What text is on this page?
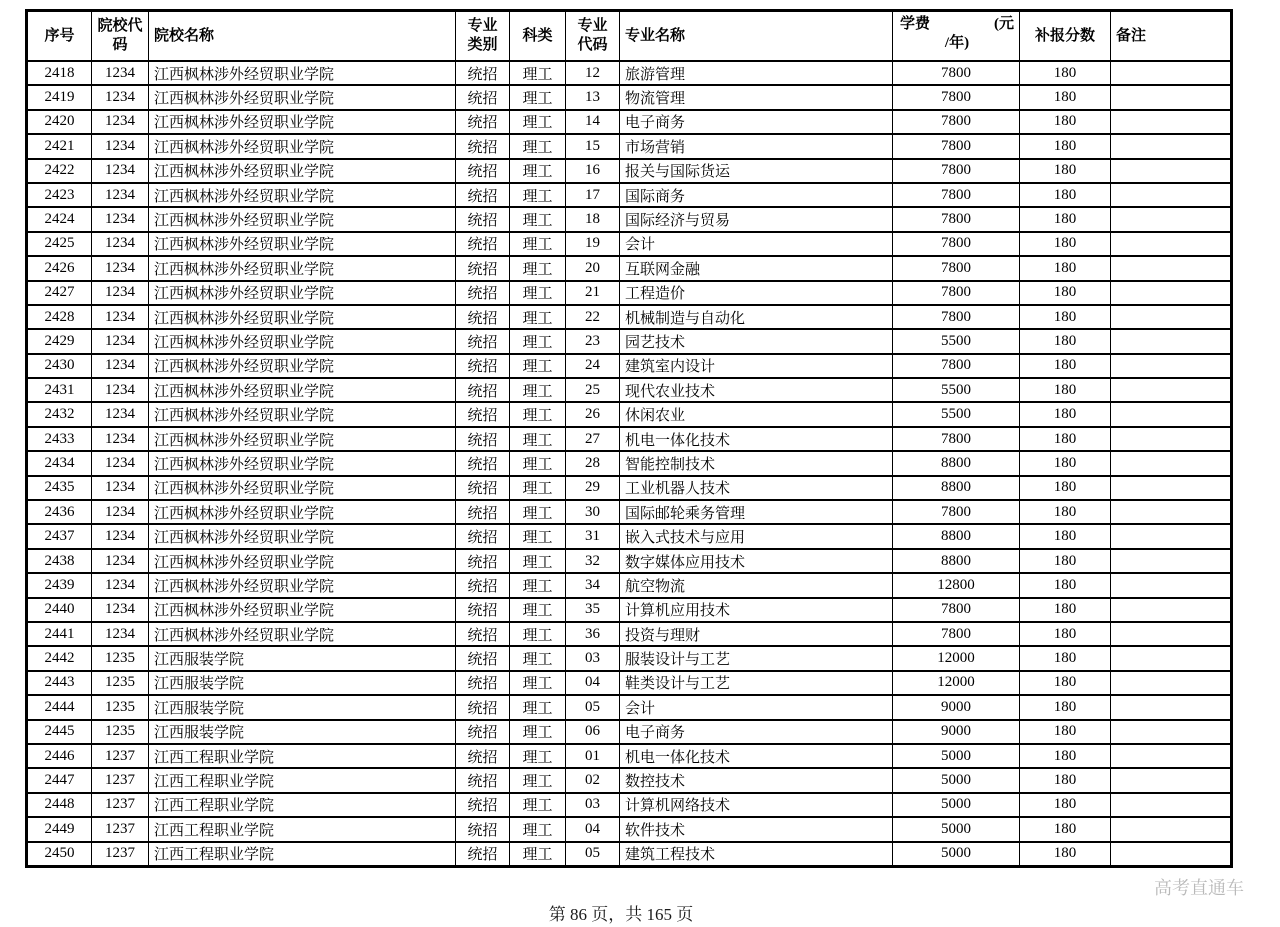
序号	院校代码	院校名称	专业类别	科类	专业代码	专业名称	学费 (元
/年)	补报分数	备注
2418	1234	江西枫林涉外经贸职业学院	统招	理工	12	旅游管理	7800	180	
2419	1234	江西枫林涉外经贸职业学院	统招	理工	13	物流管理	7800	180	
2420	1234	江西枫林涉外经贸职业学院	统招	理工	14	电子商务	7800	180	
2421	1234	江西枫林涉外经贸职业学院	统招	理工	15	市场营销	7800	180	
2422	1234	江西枫林涉外经贸职业学院	统招	理工	16	报关与国际货运	7800	180	
2423	1234	江西枫林涉外经贸职业学院	统招	理工	17	国际商务	7800	180	
2424	1234	江西枫林涉外经贸职业学院	统招	理工	18	国际经济与贸易	7800	180	
2425	1234	江西枫林涉外经贸职业学院	统招	理工	19	会计	7800	180	
2426	1234	江西枫林涉外经贸职业学院	统招	理工	20	互联网金融	7800	180	
2427	1234	江西枫林涉外经贸职业学院	统招	理工	21	工程造价	7800	180	
2428	1234	江西枫林涉外经贸职业学院	统招	理工	22	机械制造与自动化	7800	180	
2429	1234	江西枫林涉外经贸职业学院	统招	理工	23	园艺技术	5500	180	
2430	1234	江西枫林涉外经贸职业学院	统招	理工	24	建筑室内设计	7800	180	
2431	1234	江西枫林涉外经贸职业学院	统招	理工	25	现代农业技术	5500	180	
2432	1234	江西枫林涉外经贸职业学院	统招	理工	26	休闲农业	5500	180	
2433	1234	江西枫林涉外经贸职业学院	统招	理工	27	机电一体化技术	7800	180	
2434	1234	江西枫林涉外经贸职业学院	统招	理工	28	智能控制技术	8800	180	
2435	1234	江西枫林涉外经贸职业学院	统招	理工	29	工业机器人技术	8800	180	
2436	1234	江西枫林涉外经贸职业学院	统招	理工	30	国际邮轮乘务管理	7800	180	
2437	1234	江西枫林涉外经贸职业学院	统招	理工	31	嵌入式技术与应用	8800	180	
2438	1234	江西枫林涉外经贸职业学院	统招	理工	32	数字媒体应用技术	8800	180	
2439	1234	江西枫林涉外经贸职业学院	统招	理工	34	航空物流	12800	180	
2440	1234	江西枫林涉外经贸职业学院	统招	理工	35	计算机应用技术	7800	180	
2441	1234	江西枫林涉外经贸职业学院	统招	理工	36	投资与理财	7800	180	
2442	1235	江西服装学院	统招	理工	03	服装设计与工艺	12000	180	
2443	1235	江西服装学院	统招	理工	04	鞋类设计与工艺	12000	180	
2444	1235	江西服装学院	统招	理工	05	会计	9000	180	
2445	1235	江西服装学院	统招	理工	06	电子商务	9000	180	
2446	1237	江西工程职业学院	统招	理工	01	机电一体化技术	5000	180	
2447	1237	江西工程职业学院	统招	理工	02	数控技术	5000	180	
2448	1237	江西工程职业学院	统招	理工	03	计算机网络技术	5000	180	
2449	1237	江西工程职业学院	统招	理工	04	软件技术	5000	180	
2450	1237	江西工程职业学院	统招	理工	05	建筑工程技术	5000	180	
高考直通车
第 86 页，共 165 页
